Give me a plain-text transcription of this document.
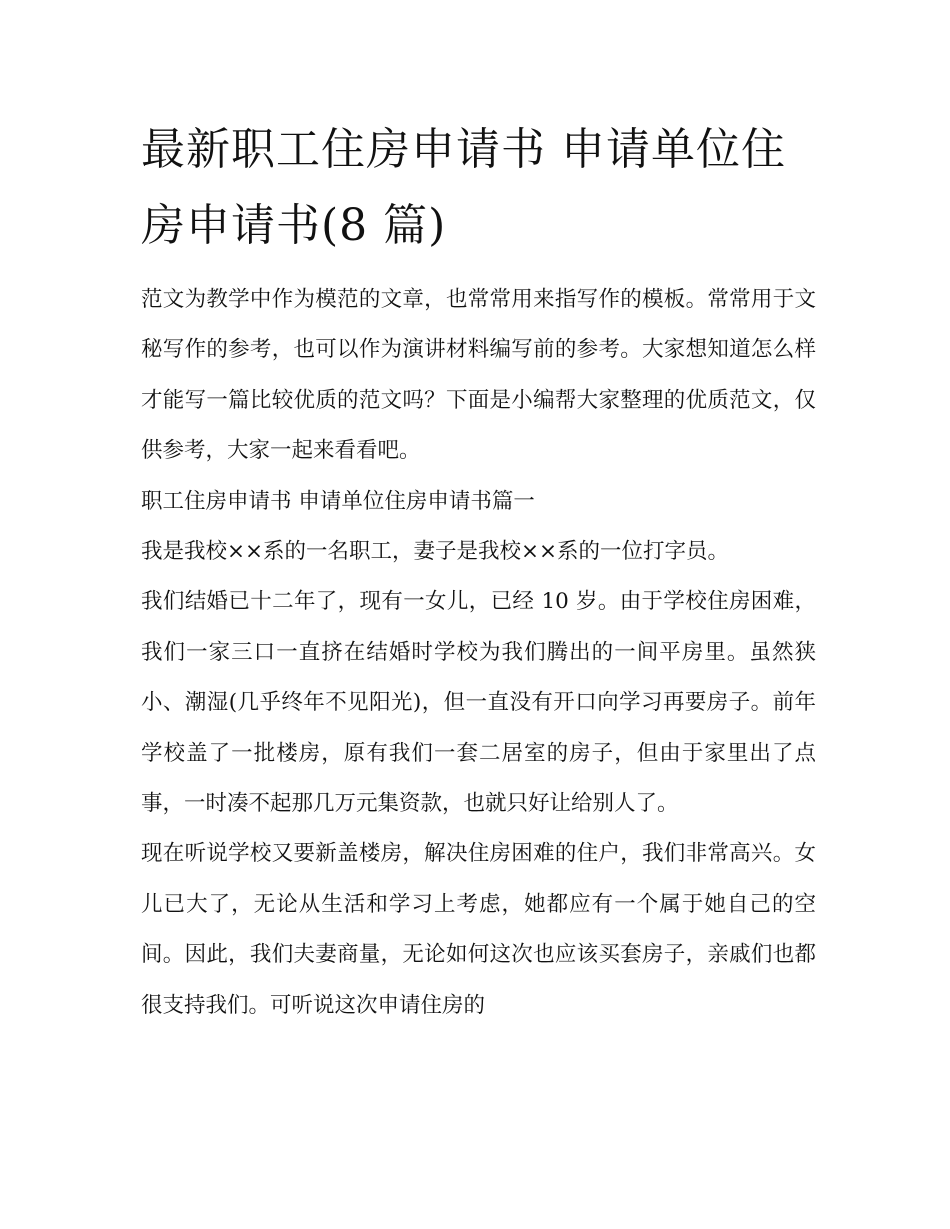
最新职工住房申请书 申请单位住房申请书(8 篇)

范文为教学中作为模范的文章，也常常用来指写作的模板。常常用于文秘写作的参考，也可以作为演讲材料编写前的参考。大家想知道怎么样才能写一篇比较优质的范文吗？下面是小编帮大家整理的优质范文，仅供参考，大家一起来看看吧。

职工住房申请书 申请单位住房申请书篇一

我是我校××系的一名职工，妻子是我校××系的一位打字员。

我们结婚已十二年了，现有一女儿，已经 10 岁。由于学校住房困难，我们一家三口一直挤在结婚时学校为我们腾出的一间平房里。虽然狭小、潮湿(几乎终年不见阳光)，但一直没有开口向学习再要房子。前年学校盖了一批楼房，原有我们一套二居室的房子，但由于家里出了点事，一时凑不起那几万元集资款，也就只好让给别人了。

现在听说学校又要新盖楼房，解决住房困难的住户，我们非常高兴。女儿已大了，无论从生活和学习上考虑，她都应有一个属于她自己的空间。因此，我们夫妻商量，无论如何这次也应该买套房子，亲戚们也都很支持我们。可听说这次申请住房的
